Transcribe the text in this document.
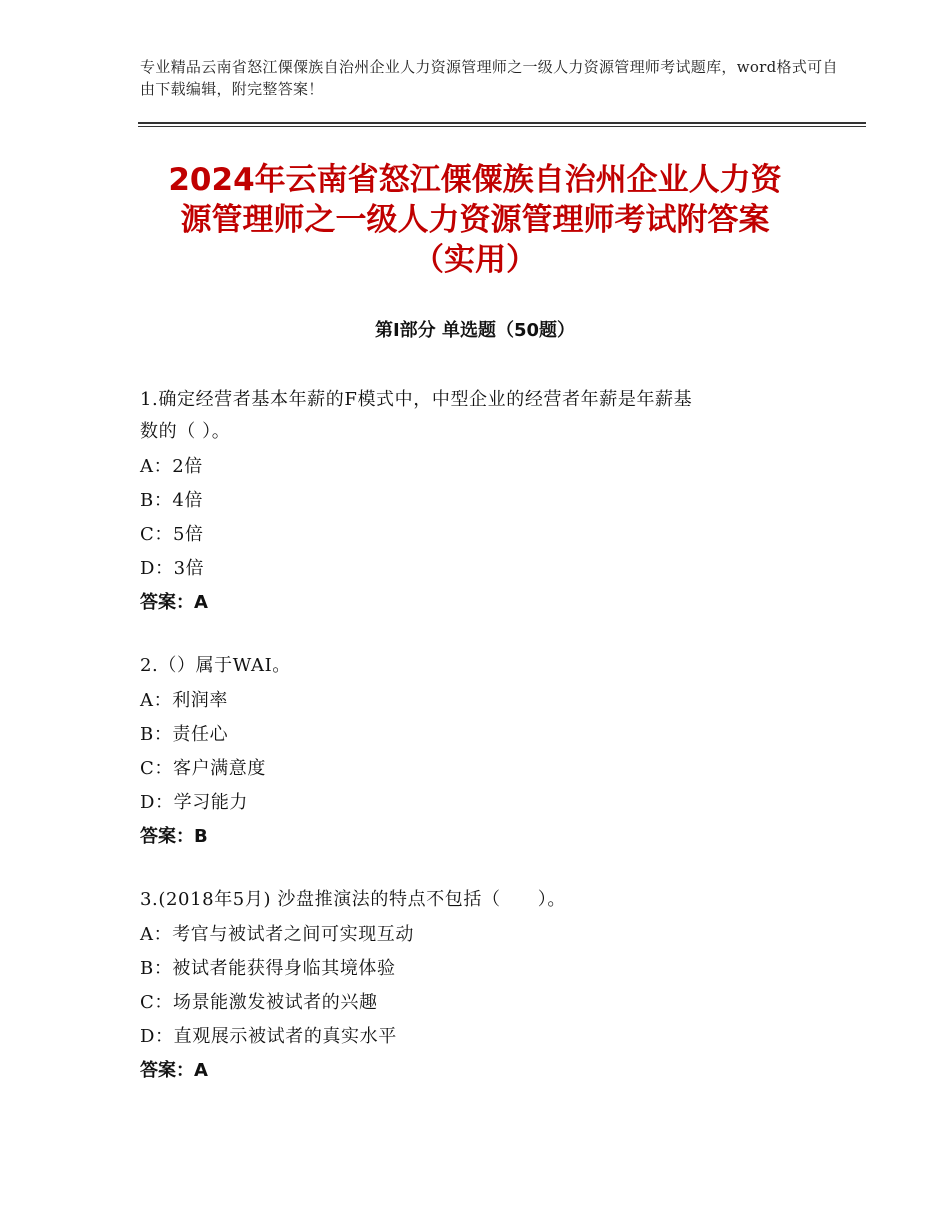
专业精品云南省怒江傈僳族自治州企业人力资源管理师之一级人力资源管理师考试题库，word格式可自由下载编辑，附完整答案！
2024年云南省怒江傈僳族自治州企业人力资
源管理师之一级人力资源管理师考试附答案
（实用）
第Ⅰ部分 单选题（50题）
1.确定经营者基本年薪的F模式中，中型企业的经营者年薪是年薪基
数的（ ）。
A：2倍
B：4倍
C：5倍
D：3倍
答案：A
2.（）属于WAI。
A：利润率
B：责任心
C：客户满意度
D：学习能力
答案：B
3.(2018年5月) 沙盘推演法的特点不包括（　　）。
A：考官与被试者之间可实现互动
B：被试者能获得身临其境体验
C：场景能激发被试者的兴趣
D：直观展示被试者的真实水平
答案：A
